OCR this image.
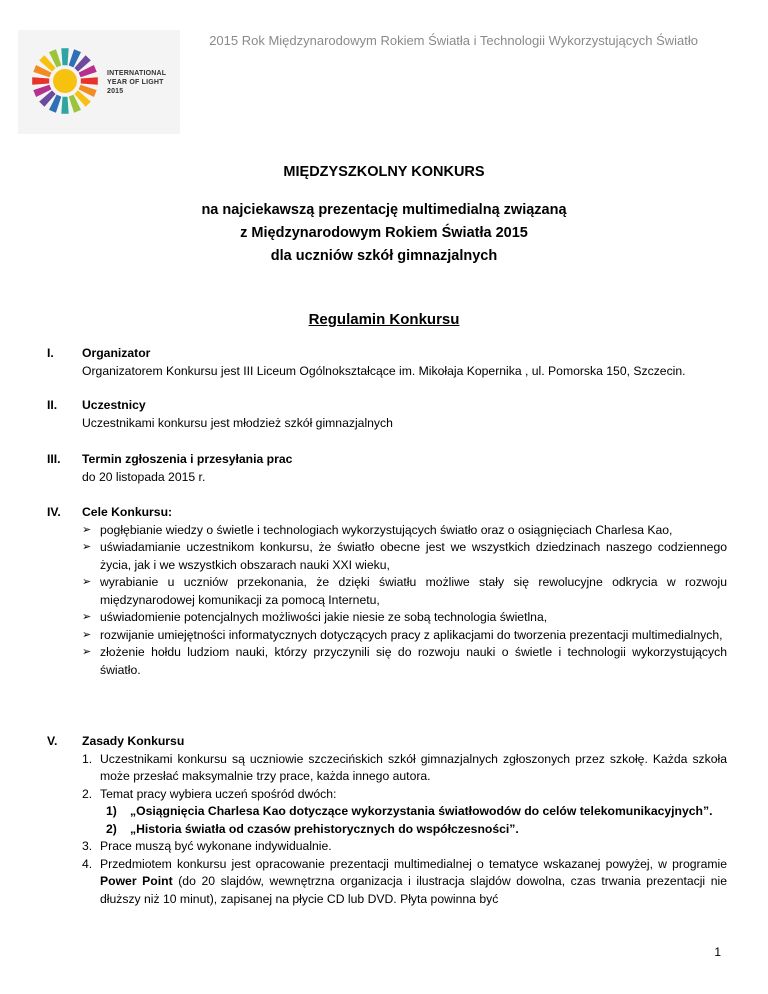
2015 Rok Międzynarodowym Rokiem Światła i Technologii Wykorzystujących Światło
INTERNATIONAL
YEAR OF LIGHT
2015
MIĘDZYSZKOLNY KONKURS
na najciekawszą prezentację multimedialną związaną
z Międzynarodowym Rokiem Światła 2015
dla uczniów szkół gimnazjalnych
Regulamin Konkursu
I. Organizator
Organizatorem Konkursu jest III Liceum Ogólnokształcące im. Mikołaja Kopernika , ul. Pomorska 150, Szczecin.
II. Uczestnicy
Uczestnikami konkursu jest młodzież szkół gimnazjalnych
III. Termin zgłoszenia i przesyłania prac
do 20 listopada 2015 r.
IV. Cele Konkursu:
➢ pogłębianie wiedzy o świetle i technologiach wykorzystujących światło oraz o osiągnięciach Charlesa Kao,
➢ uświadamianie uczestnikom konkursu, że światło obecne jest we wszystkich dziedzinach naszego codziennego życia, jak i we wszystkich obszarach nauki XXI wieku,
➢ wyrabianie u uczniów przekonania, że dzięki światłu możliwe stały się rewolucyjne odkrycia w rozwoju międzynarodowej komunikacji za pomocą Internetu,
➢ uświadomienie potencjalnych możliwości jakie niesie ze sobą technologia świetlna,
➢ rozwijanie umiejętności informatycznych dotyczących pracy z aplikacjami do tworzenia prezentacji multimedialnych,
➢ złożenie hołdu ludziom nauki, którzy przyczynili się do rozwoju nauki o świetle i technologii wykorzystujących światło.
V. Zasady Konkursu
1. Uczestnikami konkursu są uczniowie szczecińskich szkół gimnazjalnych zgłoszonych przez szkołę. Każda szkoła może przesłać maksymalnie trzy prace, każda innego autora.
2. Temat pracy wybiera uczeń spośród dwóch:
1) „Osiągnięcia Charlesa Kao dotyczące wykorzystania światłowodów do celów telekomunikacyjnych”.
2) „Historia światła od czasów prehistorycznych do współczesności”.
3. Prace muszą być wykonane indywidualnie.
4. Przedmiotem konkursu jest opracowanie prezentacji multimedialnej o tematyce wskazanej powyżej, w programie Power Point (do 20 slajdów, wewnętrzna organizacja i ilustracja slajdów dowolna, czas trwania prezentacji nie dłuższy niż 10 minut), zapisanej na płycie CD lub DVD. Płyta powinna być
1
